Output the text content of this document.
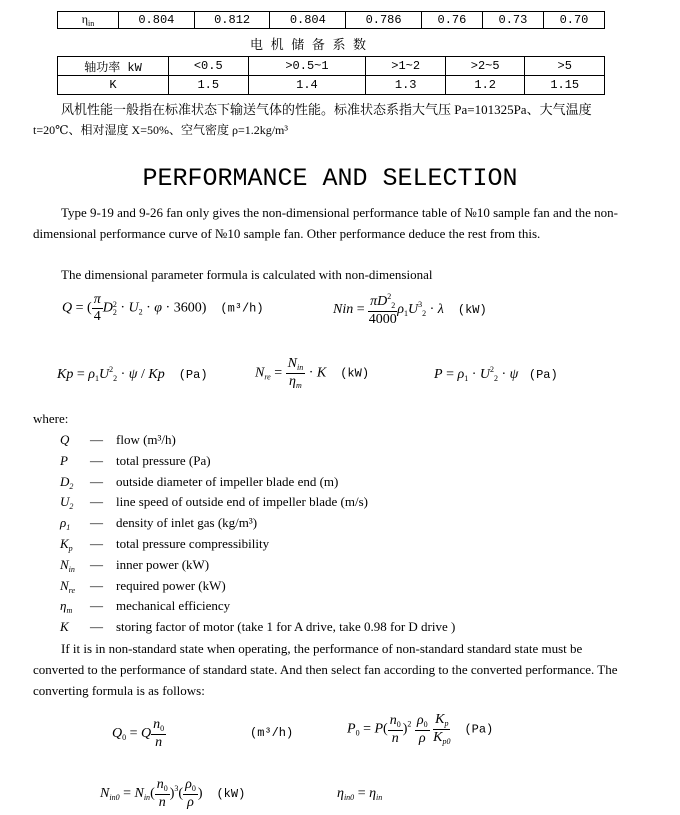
$\eta_{in}$	0.804	0.812	0.804	0.786	0.76	0.73	0.70
电 机 储 备 系 数
轴功率 kW	<0.5	>0.5~1	>1~2	>2~5	>5
K	1.5	1.4	1.3	1.2	1.15
风机性能一般指在标准状态下输送气体的性能。标准状态系指大气压 Pa=101325Pa、大气温度
t=20℃、相对湿度 X=50%、空气密度 ρ=1.2kg/m³
PERFORMANCE AND SELECTION
Type 9-19 and 9-26 fan only gives the non-dimensional performance table of №10 sample fan and the non-dimensional performance curve of №10 sample fan. Other performance deduce the rest from this.
The dimensional parameter formula is calculated with non-dimensional
Q = ( $\frac{\pi}{4}$ D 2
$2 \cdot U_2 \cdot \varphi \cdot 3600$)    (m³/h)	Nin = $\frac{\pi D^2_2}{4000} \rho_1U^3_2 \cdot \lambda$ (kW)
$Kp = \rho_1U^2_2 \cdot \psi / Kp$ (Pa)	$N_{re} = \frac{N_{in}}{\eta_m} \cdot K$ (kW)	$P = \rho_1 \cdot U^2_2 \cdot \psi$ (Pa)
where:
Q — flow (m³/h)
P — total pressure (Pa)
$D_2$ — outside diameter of impeller blade end (m)
$U_2$ — line speed of outside end of impeller blade (m/s)
$\rho_1$ — density of inlet gas (kg/m³)
$K_p$ — total pressure compressibility
$N_{in}$ — inner power (kW)
$N_{re}$ — required power (kW)
$\eta_m$ — mechanical efficiency
K — storing factor of motor (take 1 for A drive, take 0.98 for D drive )
If it is in non-standard state when operating, the performance of non-standard standard state must be converted to the performance of standard state. And then select fan according to the converted performance. The converting formula is as follows:
$Q_0 = Q \frac{n_0}{n}$	(m³/h)	$P_0 = P( \frac{n_0}{n} )^2 \frac{\rho_0}{\rho}$
$\frac{K_p}{K_{p0}} (Pa)$
$N_{in0} = N_{in}( \frac{n_0}{n} )^3( \frac{\rho_0}{\rho}$ )    (kW)	$\eta_{in0} = \eta_{in}$
